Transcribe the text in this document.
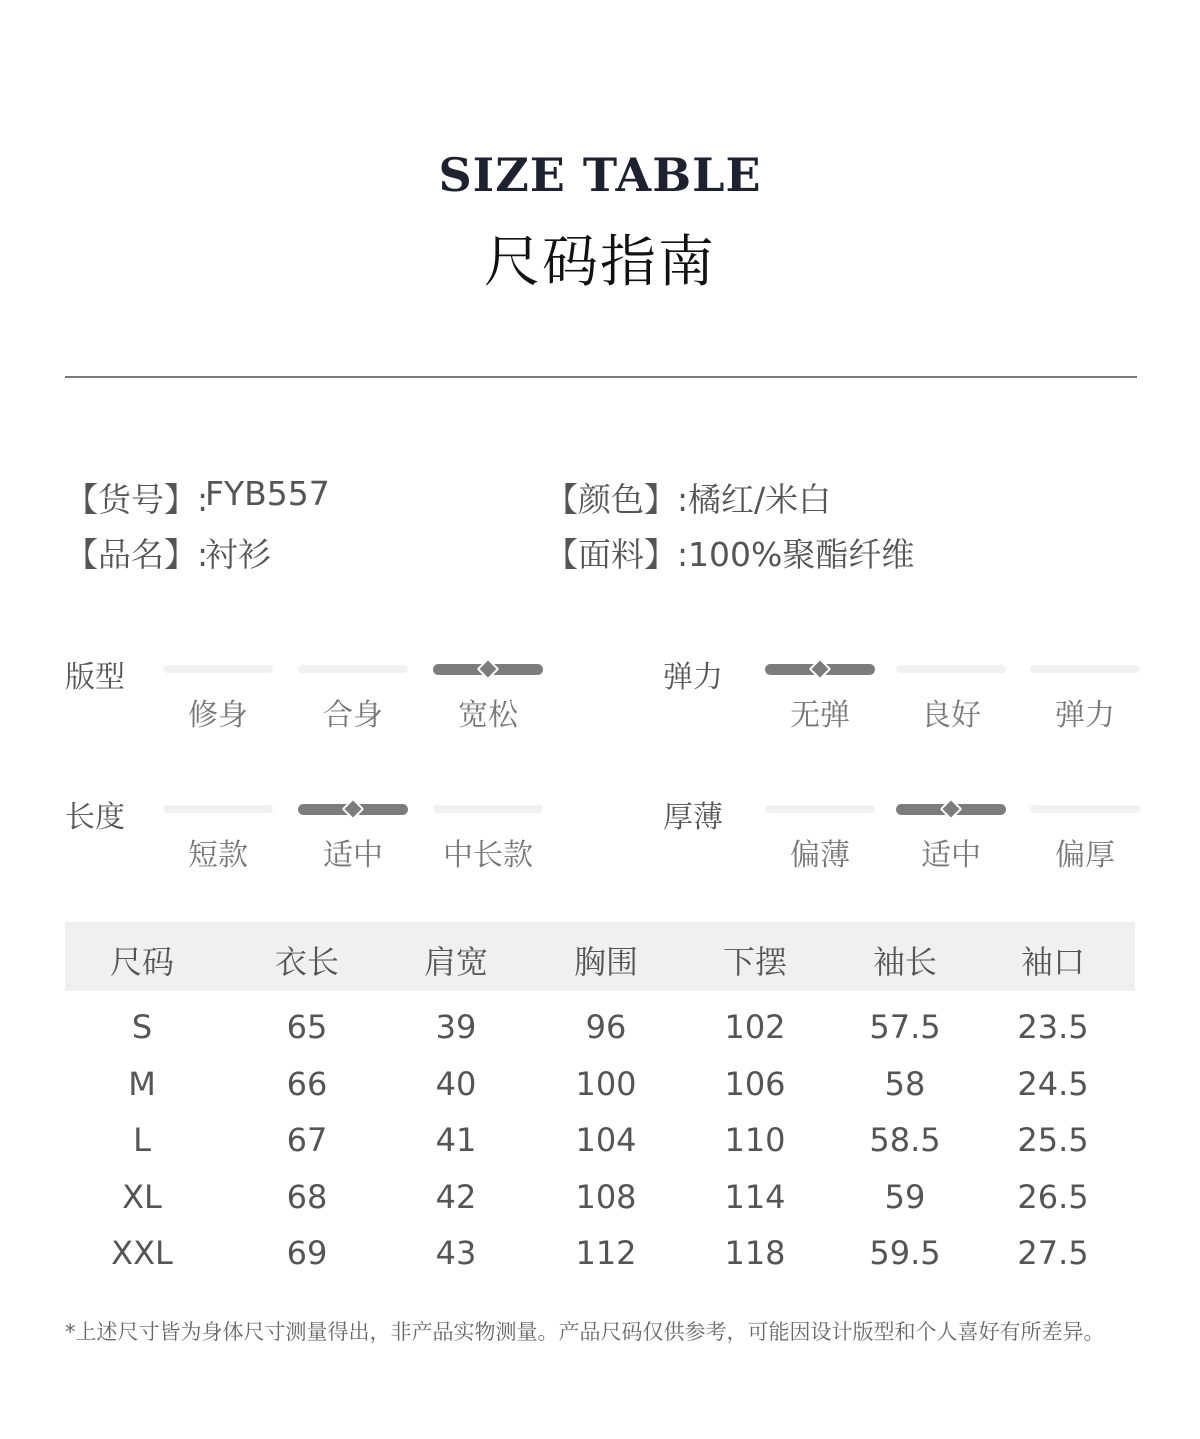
SIZE TABLE
尺码指南
【货号】:
FYB557	【颜色】: 橘红/米白
【品名】:
衬衫	【面料】: 100%聚酯纤维
版型
修身	合身	宽松
弹力
无弹	良好	弹力
长度
短款	适中	中长款
厚薄
偏薄	适中	偏厚
尺码	衣长	肩宽	胸围	下摆	袖长	袖口
S	65	39	96	102	57.5	23.5
M	66	40	100	106	58	24.5
L	67	41	104	110	58.5	25.5
XL	68	42	108	114	59	26.5
XXL	69	43	112	118	59.5	27.5
*上述尺寸皆为身体尺寸测量得出，非产品实物测量。产品尺码仅供参考，可能因设计版型和个人喜好有所差异。
